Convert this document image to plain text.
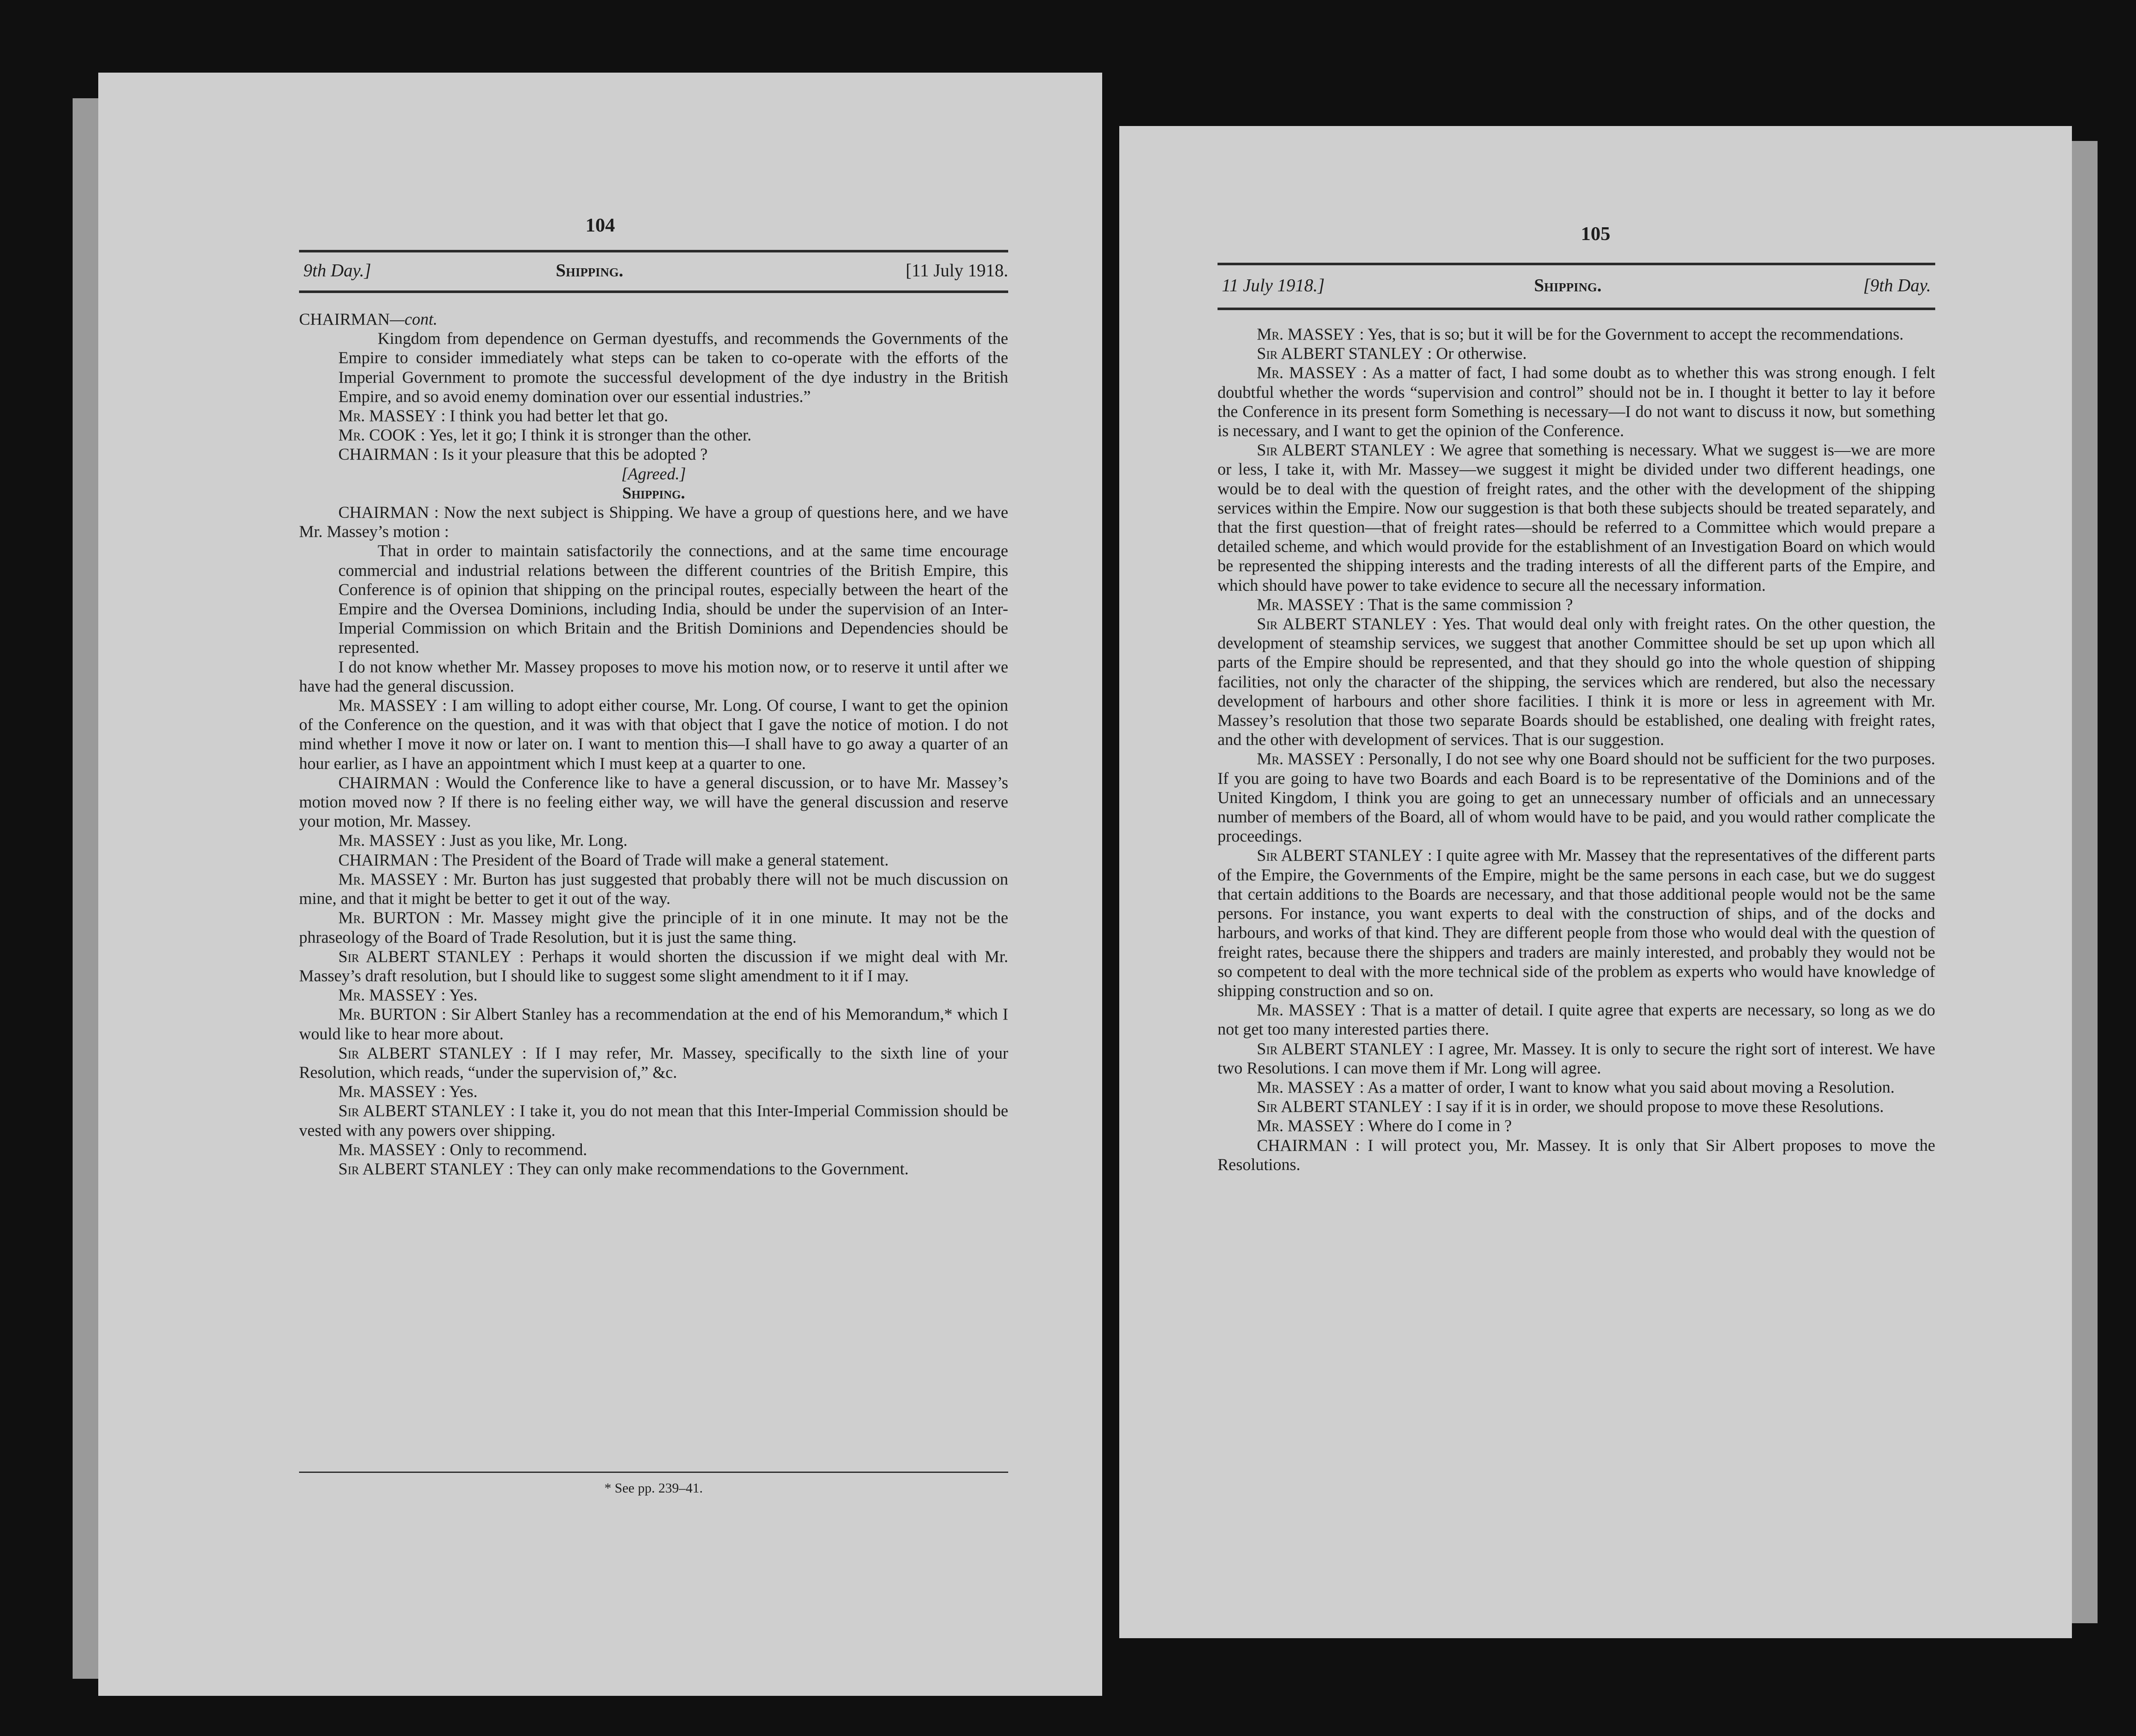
104
9th Day.]	Shipping.	[11 July 1918.

CHAIRMAN—cont.

Kingdom from dependence on German dyestuffs, and recommends the Governments of the Empire to consider immediately what steps can be taken to co-operate with the efforts of the Imperial Government to promote the successful development of the dye industry in the British Empire, and so avoid enemy domination over our essential industries.”

Mr. MASSEY : I think you had better let that go.

Mr. COOK : Yes, let it go; I think it is stronger than the other.

CHAIRMAN : Is it your pleasure that this be adopted ?

[Agreed.]

Shipping.

CHAIRMAN : Now the next subject is Shipping. We have a group of questions here, and we have Mr. Massey’s motion :

That in order to maintain satisfactorily the connections, and at the same time encourage commercial and industrial relations between the different countries of the British Empire, this Conference is of opinion that shipping on the principal routes, especially between the heart of the Empire and the Oversea Dominions, including India, should be under the supervision of an Inter-Imperial Commission on which Britain and the British Dominions and Dependencies should be represented.

I do not know whether Mr. Massey proposes to move his motion now, or to reserve it until after we have had the general discussion.

Mr. MASSEY : I am willing to adopt either course, Mr. Long. Of course, I want to get the opinion of the Conference on the question, and it was with that object that I gave the notice of motion. I do not mind whether I move it now or later on. I want to mention this—I shall have to go away a quarter of an hour earlier, as I have an appointment which I must keep at a quarter to one.

CHAIRMAN : Would the Conference like to have a general discussion, or to have Mr. Massey’s motion moved now ? If there is no feeling either way, we will have the general discussion and reserve your motion, Mr. Massey.

Mr. MASSEY : Just as you like, Mr. Long.

CHAIRMAN : The President of the Board of Trade will make a general statement.

Mr. MASSEY : Mr. Burton has just suggested that probably there will not be much discussion on mine, and that it might be better to get it out of the way.

Mr. BURTON : Mr. Massey might give the principle of it in one minute. It may not be the phraseology of the Board of Trade Resolution, but it is just the same thing.

Sir ALBERT STANLEY : Perhaps it would shorten the discussion if we might deal with Mr. Massey’s draft resolution, but I should like to suggest some slight amendment to it if I may.

Mr. MASSEY : Yes.

Mr. BURTON : Sir Albert Stanley has a recommendation at the end of his Memorandum,* which I would like to hear more about.

Sir ALBERT STANLEY : If I may refer, Mr. Massey, specifically to the sixth line of your Resolution, which reads, “under the supervision of,” &c.

Mr. MASSEY : Yes.

Sir ALBERT STANLEY : I take it, you do not mean that this Inter-Imperial Commission should be vested with any powers over shipping.

Mr. MASSEY : Only to recommend.

Sir ALBERT STANLEY : They can only make recommendations to the Government.

* See pp. 239–41.
105
11 July 1918.]	Shipping.	[9th Day.

Mr. MASSEY : Yes, that is so; but it will be for the Government to accept the recommendations.

Sir ALBERT STANLEY : Or otherwise.

Mr. MASSEY : As a matter of fact, I had some doubt as to whether this was strong enough. I felt doubtful whether the words “supervision and control” should not be in. I thought it better to lay it before the Conference in its present form Something is necessary—I do not want to discuss it now, but something is necessary, and I want to get the opinion of the Conference.

Sir ALBERT STANLEY : We agree that something is necessary. What we suggest is—we are more or less, I take it, with Mr. Massey—we suggest it might be divided under two different headings, one would be to deal with the question of freight rates, and the other with the development of the shipping services within the Empire. Now our suggestion is that both these subjects should be treated separately, and that the first question—that of freight rates—should be referred to a Committee which would prepare a detailed scheme, and which would provide for the establishment of an Investigation Board on which would be represented the shipping interests and the trading interests of all the different parts of the Empire, and which should have power to take evidence to secure all the necessary information.

Mr. MASSEY : That is the same commission ?

Sir ALBERT STANLEY : Yes. That would deal only with freight rates. On the other question, the development of steamship services, we suggest that another Committee should be set up upon which all parts of the Empire should be represented, and that they should go into the whole question of shipping facilities, not only the character of the shipping, the services which are rendered, but also the necessary development of harbours and other shore facilities. I think it is more or less in agreement with Mr. Massey’s resolution that those two separate Boards should be established, one dealing with freight rates, and the other with development of services. That is our suggestion.

Mr. MASSEY : Personally, I do not see why one Board should not be sufficient for the two purposes. If you are going to have two Boards and each Board is to be representative of the Dominions and of the United Kingdom, I think you are going to get an unnecessary number of officials and an unnecessary number of members of the Board, all of whom would have to be paid, and you would rather complicate the proceedings.

Sir ALBERT STANLEY : I quite agree with Mr. Massey that the representatives of the different parts of the Empire, the Governments of the Empire, might be the same persons in each case, but we do suggest that certain additions to the Boards are necessary, and that those additional people would not be the same persons. For instance, you want experts to deal with the construction of ships, and of the docks and harbours, and works of that kind. They are different people from those who would deal with the question of freight rates, because there the shippers and traders are mainly interested, and probably they would not be so competent to deal with the more technical side of the problem as experts who would have knowledge of shipping construction and so on.

Mr. MASSEY : That is a matter of detail. I quite agree that experts are necessary, so long as we do not get too many interested parties there.

Sir ALBERT STANLEY : I agree, Mr. Massey. It is only to secure the right sort of interest. We have two Resolutions. I can move them if Mr. Long will agree.

Mr. MASSEY : As a matter of order, I want to know what you said about moving a Resolution.

Sir ALBERT STANLEY : I say if it is in order, we should propose to move these Resolutions.

Mr. MASSEY : Where do I come in ?

CHAIRMAN : I will protect you, Mr. Massey. It is only that Sir Albert proposes to move the Resolutions.
